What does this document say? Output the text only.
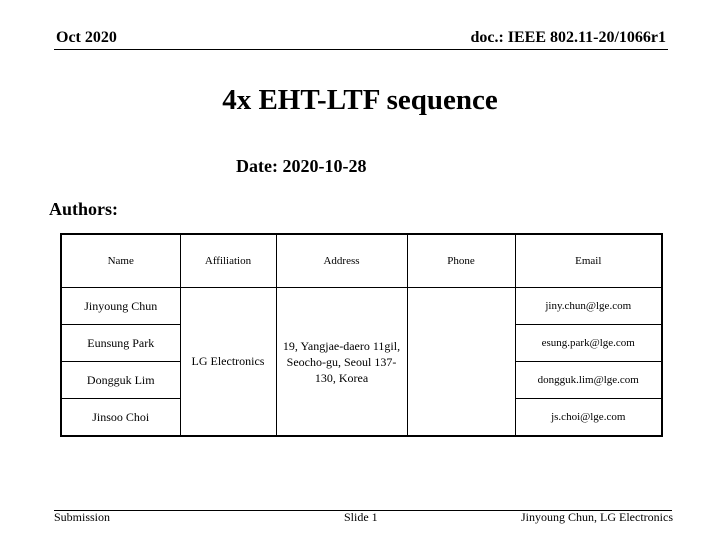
Oct 2020	doc.: IEEE 802.11-20/1066r1
4x EHT-LTF sequence
Date: 2020-10-28
Authors:
Name	Affiliation	Address	Phone	Email
Jinyoung Chun	LG Electronics	19, Yangjae-daero 11gil, Seocho-gu, Seoul 137-130, Korea		jiny.chun@lge.com
Eunsung Park				esung.park@lge.com
Dongguk Lim				dongguk.lim@lge.com
Jinsoo Choi				js.choi@lge.com
Submission	Slide 1	Jinyoung Chun, LG Electronics
